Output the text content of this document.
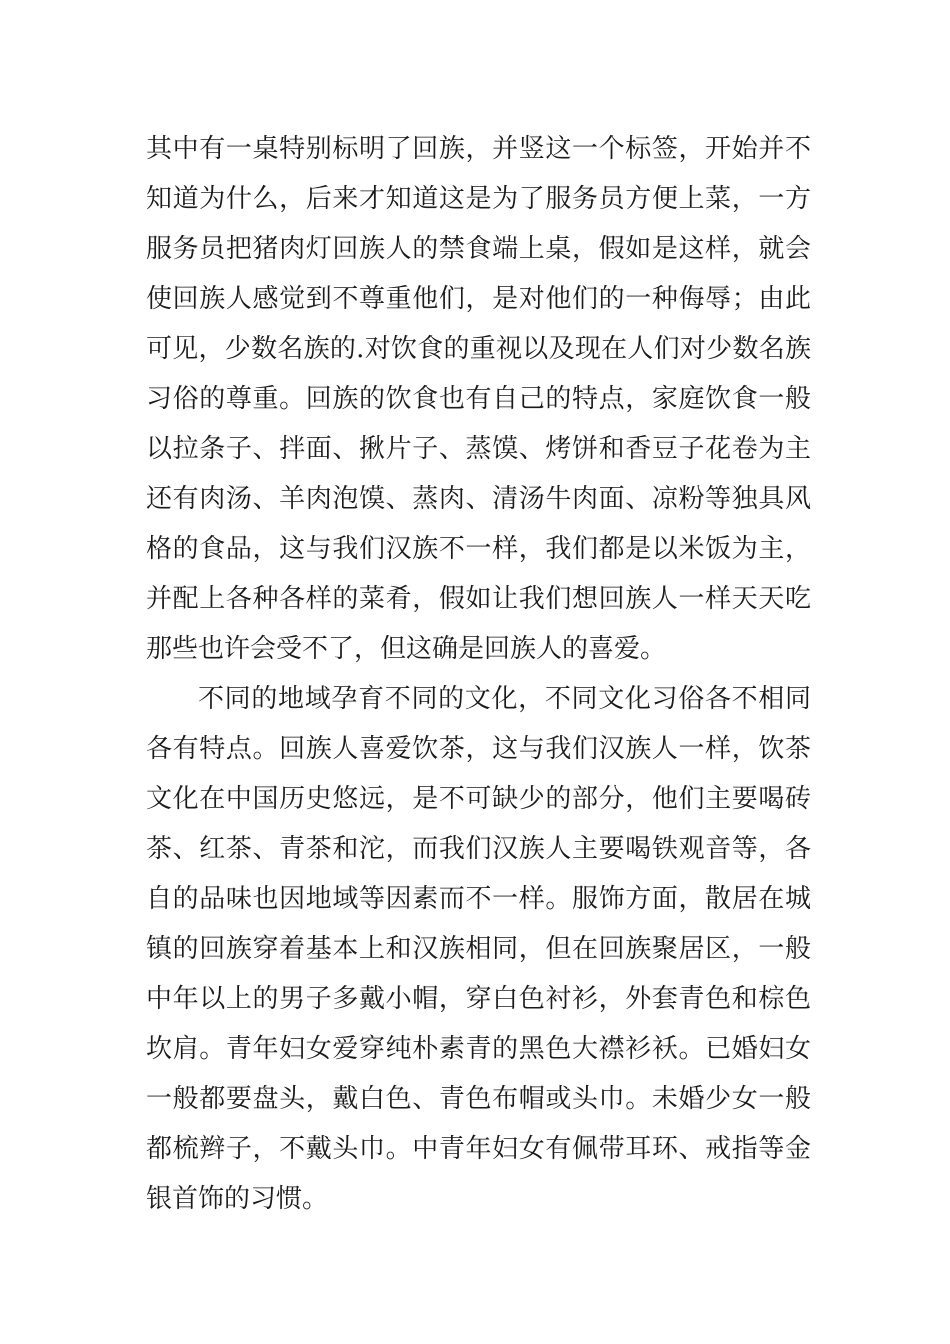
其中有一桌特别标明了回族，并竖这一个标签，开始并不
知道为什么，后来才知道这是为了服务员方便上菜，一方
服务员把猪肉灯回族人的禁食端上桌，假如是这样，就会
使回族人感觉到不尊重他们，是对他们的一种侮辱；由此
可见，少数名族的.对饮食的重视以及现在人们对少数名族
习俗的尊重。回族的饮食也有自己的特点，家庭饮食一般
以拉条子、拌面、揪片子、蒸馍、烤饼和香豆子花卷为主
还有肉汤、羊肉泡馍、蒸肉、清汤牛肉面、凉粉等独具风
格的食品，这与我们汉族不一样，我们都是以米饭为主，
并配上各种各样的菜肴，假如让我们想回族人一样天天吃
那些也许会受不了，但这确是回族人的喜爱。
不同的地域孕育不同的文化，不同文化习俗各不相同
各有特点。回族人喜爱饮茶，这与我们汉族人一样，饮茶
文化在中国历史悠远，是不可缺少的部分，他们主要喝砖
茶、红茶、青茶和沱，而我们汉族人主要喝铁观音等，各
自的品味也因地域等因素而不一样。服饰方面，散居在城
镇的回族穿着基本上和汉族相同，但在回族聚居区，一般
中年以上的男子多戴小帽，穿白色衬衫，外套青色和棕色
坎肩。青年妇女爱穿纯朴素青的黑色大襟衫袄。已婚妇女
一般都要盘头，戴白色、青色布帽或头巾。未婚少女一般
都梳辫子，不戴头巾。中青年妇女有佩带耳环、戒指等金
银首饰的习惯。
